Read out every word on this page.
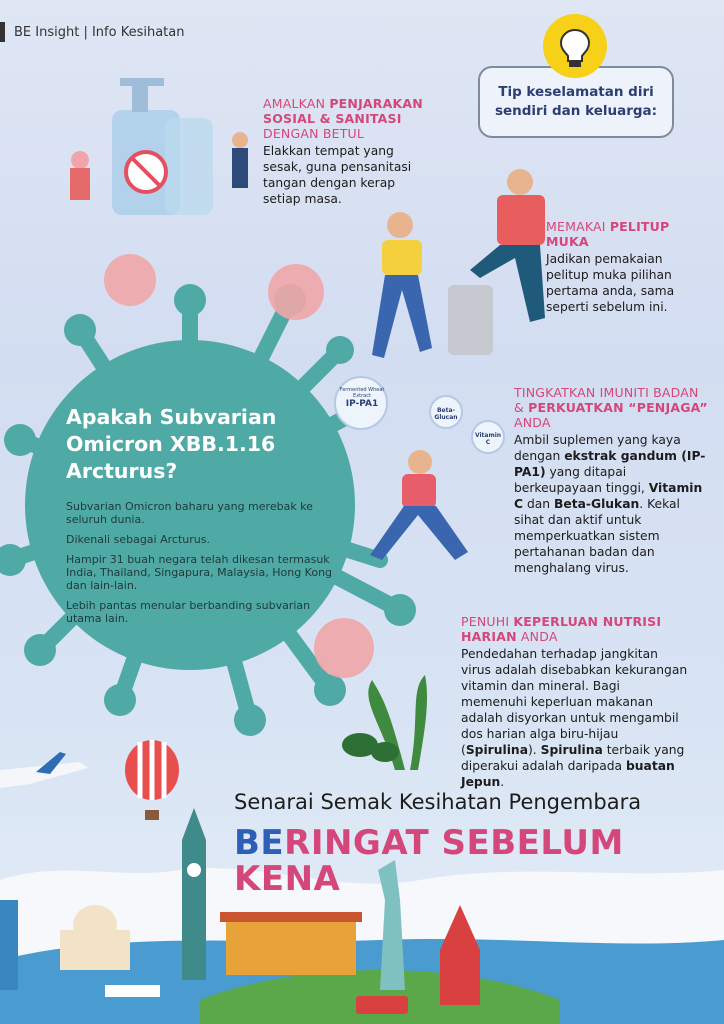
BE Insight | Info Kesihatan
Tip keselamatan diri
sendiri dan keluarga:
AMALKAN PENJARAKAN SOSIAL & SANITASI DENGAN BETUL
Elakkan tempat yang sesak, guna pensanitasi tangan dengan kerap setiap masa.
MEMAKAI PELITUP MUKA
Jadikan pemakaian pelitup muka pilihan pertama anda, sama seperti sebelum ini.
TINGKATKAN IMUNITI BADAN & PERKUATKAN “PENJAGA” ANDA
Ambil suplemen yang kaya dengan ekstrak gandum (IP-PA1) yang ditapai berkeupayaan tinggi, Vitamin C dan Beta-Glukan. Kekal sihat dan aktif untuk memperkuatkan sistem pertahanan badan dan menghalang virus.
PENUHI KEPERLUAN NUTRISI HARIAN ANDA
Pendedahan terhadap jangkitan virus adalah disebabkan kekurangan vitamin dan mineral. Bagi memenuhi keperluan makanan adalah disyorkan untuk mengambil dos harian alga biru-hijau (Spirulina). Spirulina terbaik yang diperakui adalah daripada buatan Jepun.
Fermented Wheat Extract
IP-PA1
Beta-Glucan
Vitamin C
Apakah Subvarian Omicron XBB.1.16 Arcturus?

Subvarian Omicron baharu yang merebak ke seluruh dunia.

Dikenali sebagai Arcturus.

Hampir 31 buah negara telah dikesan termasuk India, Thailand, Singapura, Malaysia, Hong Kong dan lain-lain.

Lebih pantas menular berbanding subvarian utama lain.

Senarai Semak Kesihatan Pengembara
BERINGAT SEBELUM
KENA
